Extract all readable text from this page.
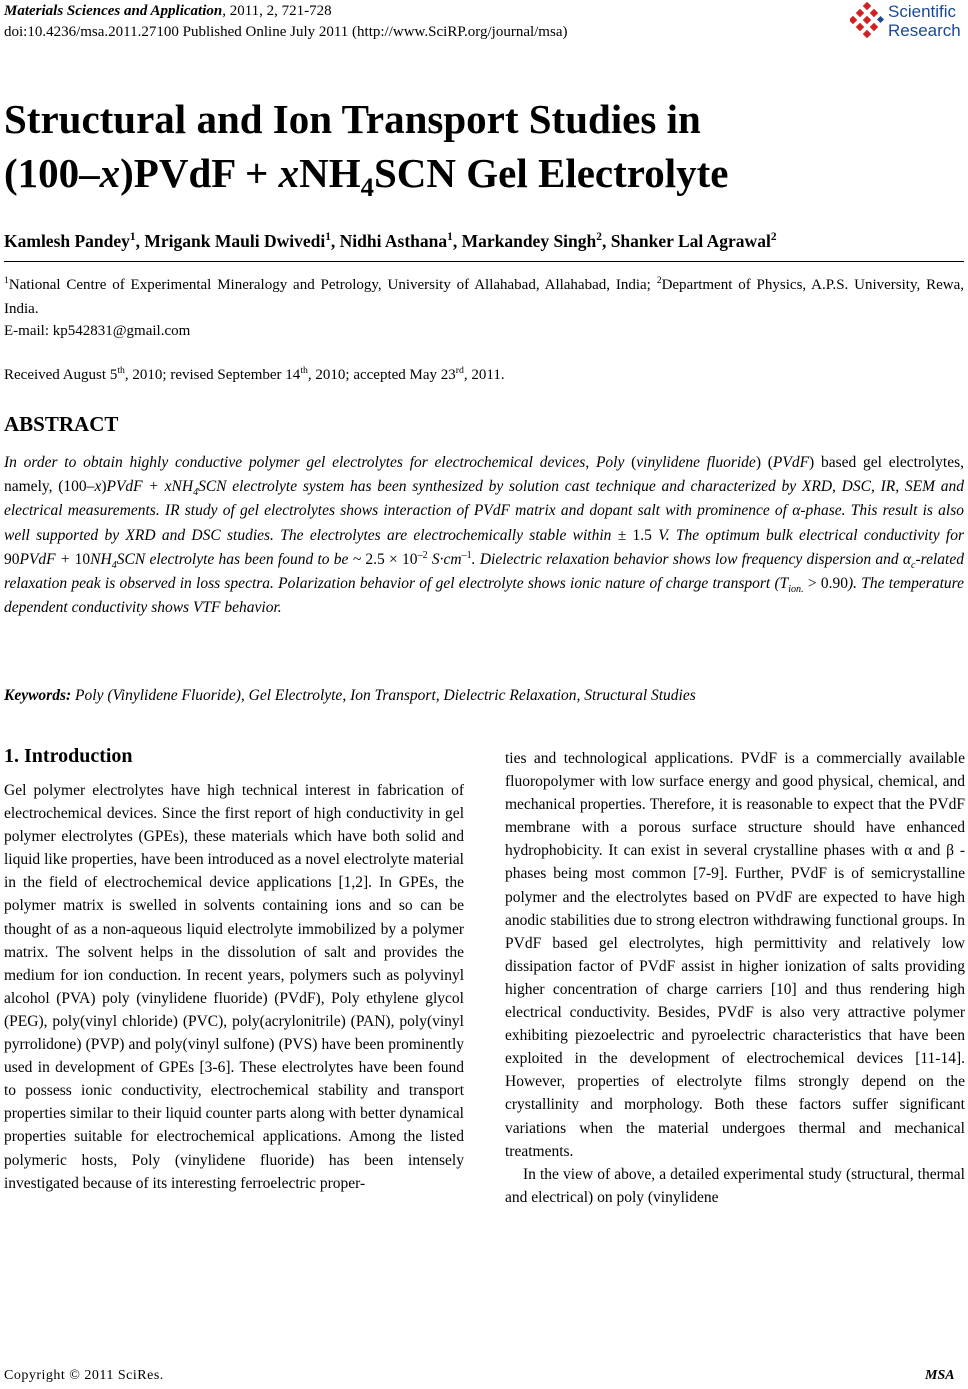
Materials Sciences and Application, 2011, 2, 721-728
doi:10.4236/msa.2011.27100 Published Online July 2011 (http://www.SciRP.org/journal/msa)
Scientific
Research
Structural and Ion Transport Studies in
(100–x)PVdF + xNH$_4$SCN Gel Electrolyte
Kamlesh Pandey$^1$, Mrigank Mauli Dwivedi$^1$, Nidhi Asthana$^1$, Markandey Singh$^2$, Shanker Lal Agrawal$^2$
$^1$National Centre of Experimental Mineralogy and Petrology, University of Allahabad, Allahabad, India; $^2$Department of Physics, A.P.S. University, Rewa, India.
E-mail: kp542831@gmail.com
Received August 5th, 2010; revised September 14th, 2010; accepted May 23rd, 2011.
ABSTRACT
In order to obtain highly conductive polymer gel electrolytes for electrochemical devices, Poly (vinylidene fluoride) (PVdF) based gel electrolytes, namely, (100–x)PVdF + xNH$_4$SCN electrolyte system has been synthesized by solution cast technique and characterized by XRD, DSC, IR, SEM and electrical measurements. IR study of gel electrolytes shows interaction of PVdF matrix and dopant salt with prominence of α-phase. This result is also well supported by XRD and DSC studies. The electrolytes are electrochemically stable within ± 1.5 V. The optimum bulk electrical conductivity for 90PVdF + $10NH_4SCN$ electrolyte has been found to be ~ $2.5 \times 10^{-2}$ $S\cdot cm^{-1}$. Dielectric relaxation behavior shows low frequency dispersion and $\alpha_c$-related relaxation peak is observed in loss spectra. Polarization behavior of gel electrolyte shows ionic nature of charge transport $(T_{ion.} > 0.90)$. The temperature dependent conductivity shows VTF behavior.
Keywords: Poly (Vinylidene Fluoride), Gel Electrolyte, Ion Transport, Dielectric Relaxation, Structural Studies
1. Introduction

Gel polymer electrolytes have high technical interest in fabrication of electrochemical devices. Since the first report of high conductivity in gel polymer electrolytes (GPEs), these materials which have both solid and liquid like properties, have been introduced as a novel electrolyte material in the field of electrochemical device applications [1,2]. In GPEs, the polymer matrix is swelled in solvents containing ions and so can be thought of as a non-aqueous liquid electrolyte immobilized by a polymer matrix. The solvent helps in the dissolution of salt and provides the medium for ion conduction. In recent years, polymers such as polyvinyl alcohol (PVA) poly (vinylidene fluoride) (PVdF), Poly ethylene glycol (PEG), poly(vinyl chloride) (PVC), poly(acrylonitrile) (PAN), poly(vinyl pyrrolidone) (PVP) and poly(vinyl sulfone) (PVS) have been prominently used in development of GPEs [3-6]. These electrolytes have been found to possess ionic conductivity, electrochemical stability and transport properties similar to their liquid counter parts along with better dynamical properties suitable for electrochemical applications. Among the listed polymeric hosts, Poly (vinylidene fluoride) has been intensely investigated because of its interesting ferroelectric proper-

ties and technological applications. PVdF is a commercially available fluoropolymer with low surface energy and good physical, chemical, and mechanical properties. Therefore, it is reasonable to expect that the PVdF membrane with a porous surface structure should have enhanced hydrophobicity. It can exist in several crystalline phases with α and β -phases being most common [7-9]. Further, PVdF is of semicrystalline polymer and the electrolytes based on PVdF are expected to have high anodic stabilities due to strong electron withdrawing functional groups. In PVdF based gel electrolytes, high permittivity and relatively low dissipation factor of PVdF assist in higher ionization of salts providing higher concentration of charge carriers [10] and thus rendering high electrical conductivity. Besides, PVdF is also very attractive polymer exhibiting piezoelectric and pyroelectric characteristics that have been exploited in the development of electrochemical devices [11-14]. However, properties of electrolyte films strongly depend on the crystallinity and morphology. Both these factors suffer significant variations when the material undergoes thermal and mechanical treatments.

In the view of above, a detailed experimental study (structural, thermal and electrical) on poly (vinylidene

Copyright © 2011 SciRes.	MSA
